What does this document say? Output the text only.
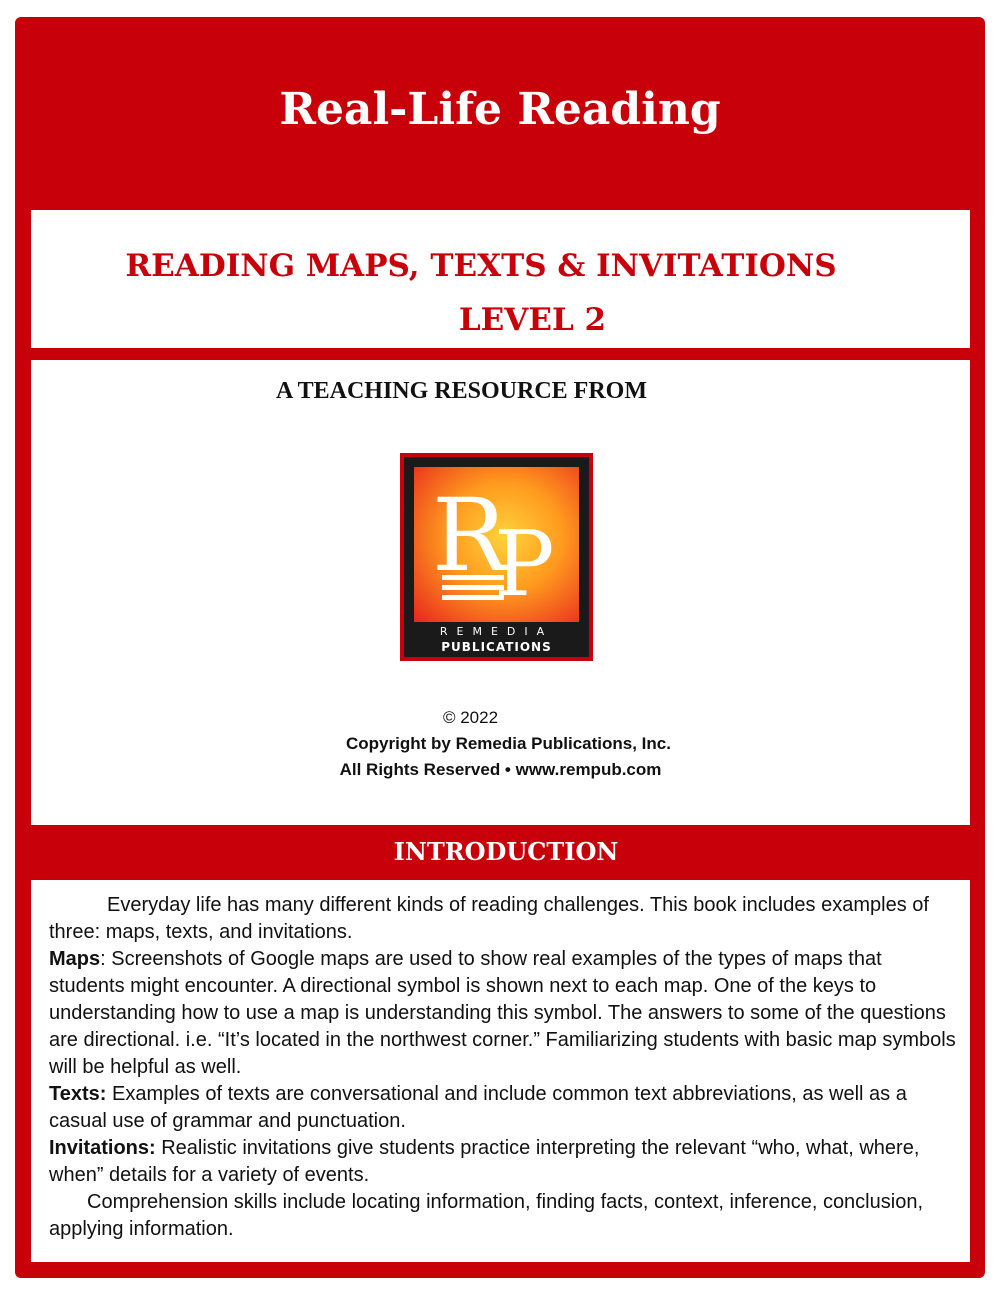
Real-Life Reading
READING MAPS, TEXTS & INVITATIONS
LEVEL 2

A TEACHING RESOURCE FROM

R
P

REMEDIA

PUBLICATIONS

© 2022
Copyright by Remedia Publications, Inc.
All Rights Reserved • www.rempub.com
INTRODUCTION

Everyday life has many different kinds of reading challenges. This book includes examples of three: maps, texts, and invitations.

Maps: Screenshots of Google maps are used to show real examples of the types of maps that students might encounter. A directional symbol is shown next to each map. One of the keys to understanding how to use a map is understanding this symbol. The answers to some of the questions are directional. i.e. “It’s located in the northwest corner.” Familiarizing students with basic map symbols will be helpful as well.

Texts: Examples of texts are conversational and include common text abbreviations, as well as a casual use of grammar and punctuation.

Invitations: Realistic invitations give students practice interpreting the relevant “who, what, where, when” details for a variety of events.

Comprehension skills include locating information, finding facts, context, inference, conclusion, applying information.
